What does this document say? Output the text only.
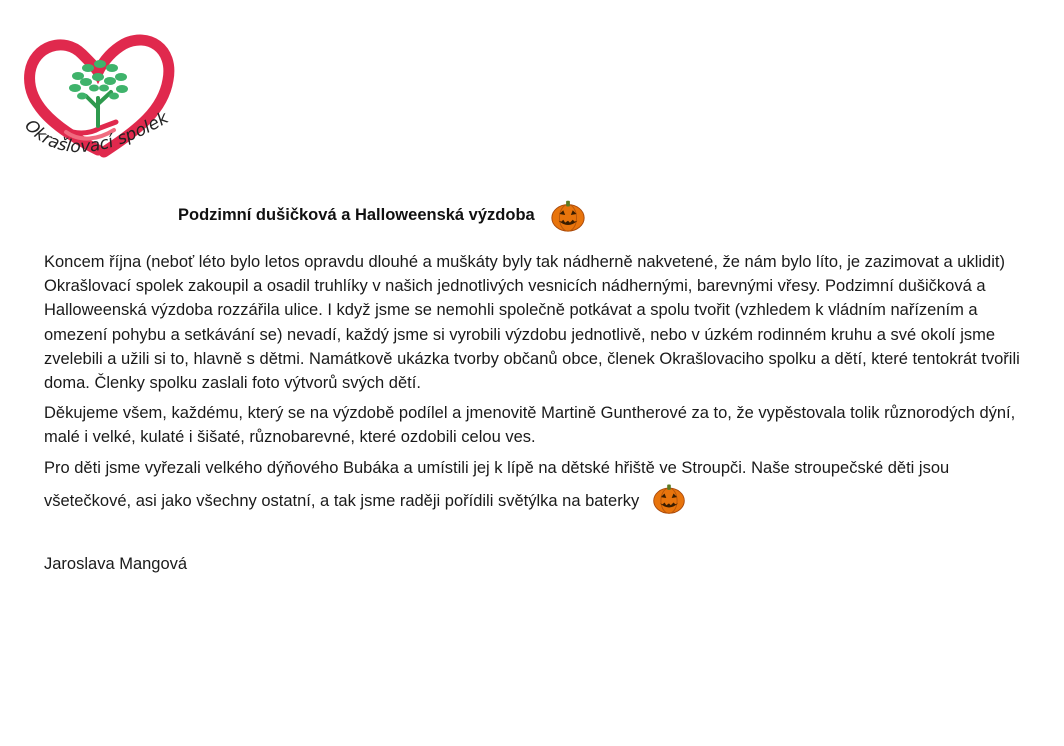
Okrašlovací spolek
Podzimní dušičková a Halloweenská výzdoba

Koncem října (neboť léto bylo letos opravdu dlouhé a muškáty byly tak nádherně nakvetené, že nám bylo líto, je zazimovat a uklidit) Okrašlovací spolek zakoupil a osadil truhlíky v našich jednotlivých vesnicích nádhernými, barevnými vřesy. Podzimní dušičková a Halloweenská výzdoba rozzářila ulice. I když jsme se nemohli společně potkávat a spolu tvořit (vzhledem k vládním nařízením a omezení pohybu a setkávání se) nevadí, každý jsme si vyrobili výzdobu jednotlivě, nebo v úzkém rodinném kruhu a své okolí jsme zvelebili a užili si to, hlavně s dětmi. Namátkově ukázka tvorby občanů obce, členek Okrašlovaciho spolku a dětí, které tentokrát tvořili doma. Členky spolku zaslali foto výtvorů svých dětí.

Děkujeme všem, každému, který se na výzdobě podílel a jmenovitě Martině Guntherové za to, že vypěstovala tolik různorodých dýní, malé i velké, kulaté i šišaté, různobarevné, které ozdobili celou ves.

Pro děti jsme vyřezali velkého dýňového Bubáka a umístili jej k lípě na dětské hřiště ve Stroupči. Naše stroupečské děti jsou všetečkové, asi jako všechny ostatní, a tak jsme raději pořídili světýlka na baterky

Jaroslava Mangová
